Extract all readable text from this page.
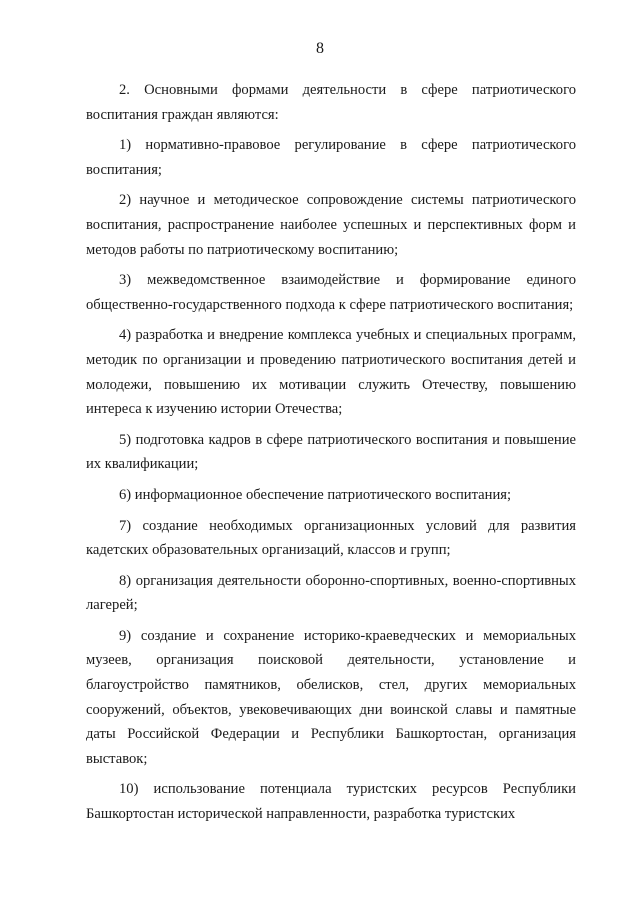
8

2. Основными формами деятельности в сфере патриотического воспитания граждан являются:

1) нормативно-правовое регулирование в сфере патриотического воспитания;

2) научное и методическое сопровождение системы патриотического воспитания, распространение наиболее успешных и перспективных форм и методов работы по патриотическому воспитанию;

3) межведомственное взаимодействие и формирование единого общественно-государственного подхода к сфере патриотического воспитания;

4) разработка и внедрение комплекса учебных и специальных программ, методик по организации и проведению патриотического воспитания детей и молодежи, повышению их мотивации служить Отечеству, повышению интереса к изучению истории Отечества;

5) подготовка кадров в сфере патриотического воспитания и повышение их квалификации;

6) информационное обеспечение патриотического воспитания;

7) создание необходимых организационных условий для развития кадетских образовательных организаций, классов и групп;

8) организация деятельности оборонно-спортивных, военно-спортивных лагерей;

9) создание и сохранение историко-краеведческих и мемориальных музеев, организация поисковой деятельности, установление и благоустройство памятников, обелисков, стел, других мемориальных сооружений, объектов, увековечивающих дни воинской славы и памятные даты Российской Федерации и Республики Башкортостан, организация выставок;

10) использование потенциала туристских ресурсов Республики Башкортостан исторической направленности, разработка туристских
